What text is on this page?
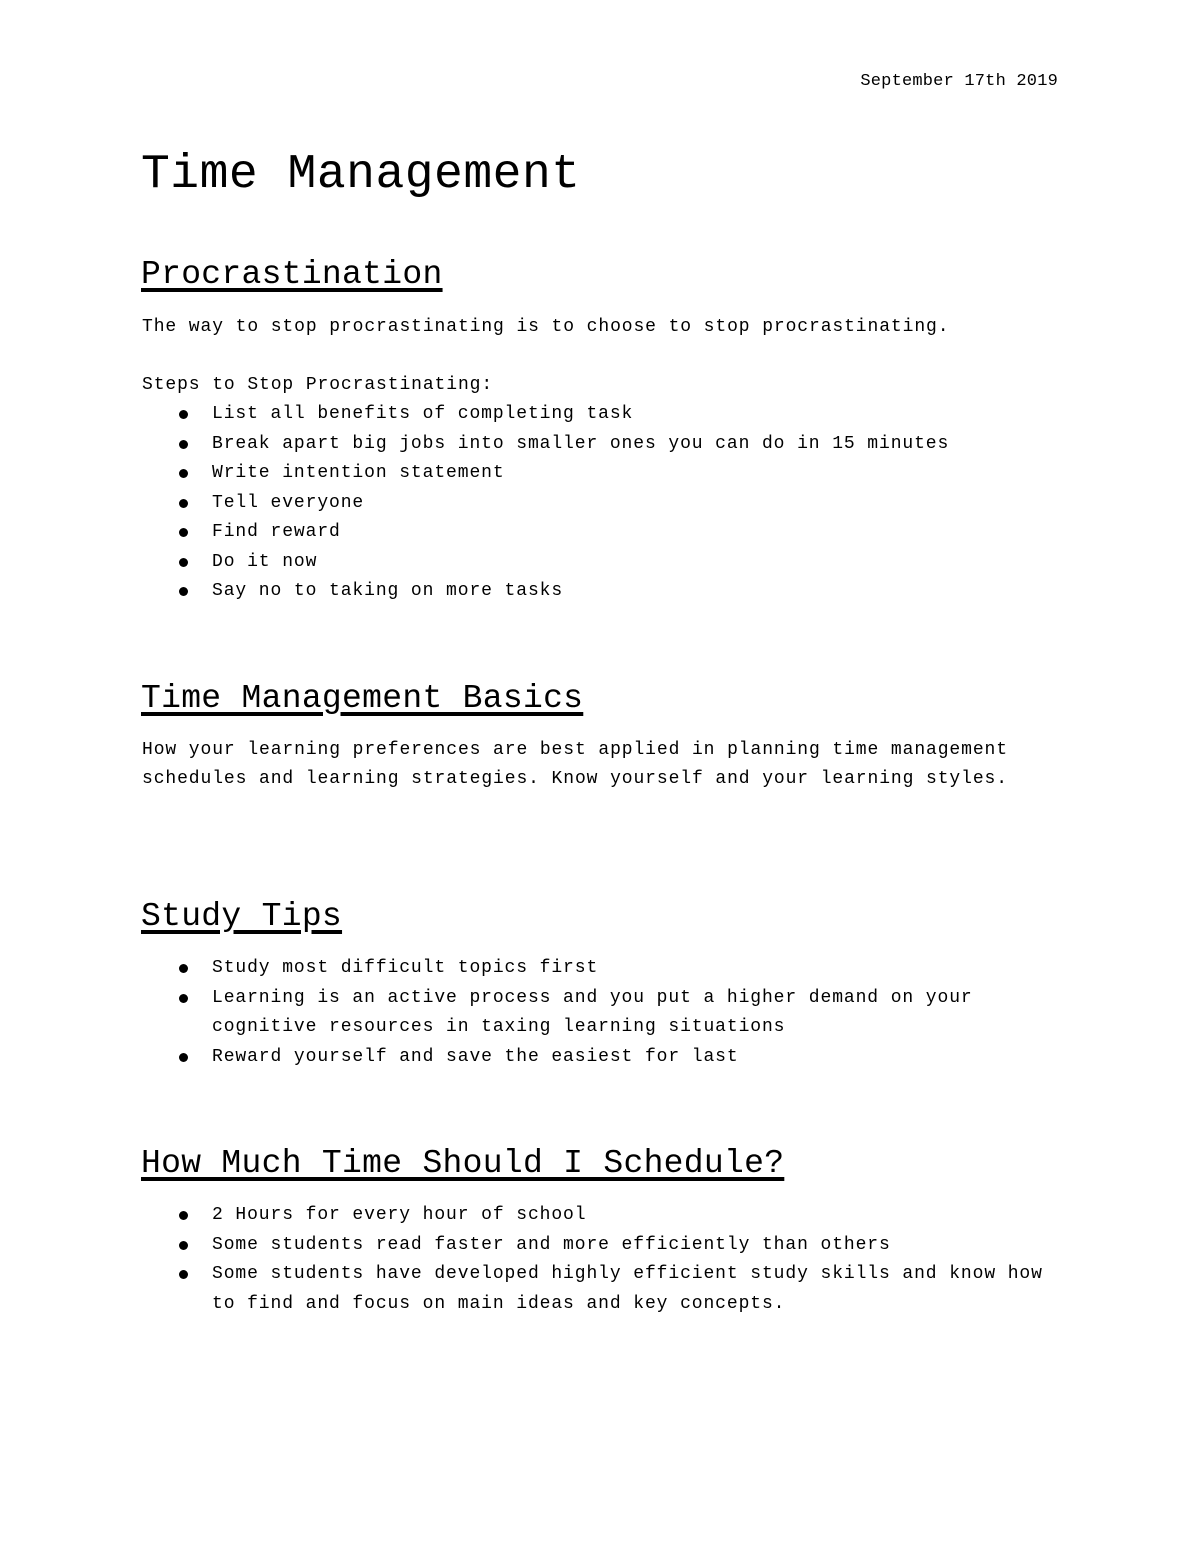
September 17th 2019
Time Management
Procrastination

The way to stop procrastinating is to choose to stop procrastinating.

Steps to Stop Procrastinating:

List all benefits of completing task
Break apart big jobs into smaller ones you can do in 15 minutes
Write intention statement
Tell everyone
Find reward
Do it now
Say no to taking on more tasks
Time Management Basics

How your learning preferences are best applied in planning time management schedules and learning strategies. Know yourself and your learning styles.

Study Tips
Study most difficult topics first
Learning is an active process and you put a higher demand on your cognitive resources in taxing learning situations
Reward yourself and save the easiest for last
How Much Time Should I Schedule?
2 Hours for every hour of school
Some students read faster and more efficiently than others
Some students have developed highly efficient study skills and know how to find and focus on main ideas and key concepts.
